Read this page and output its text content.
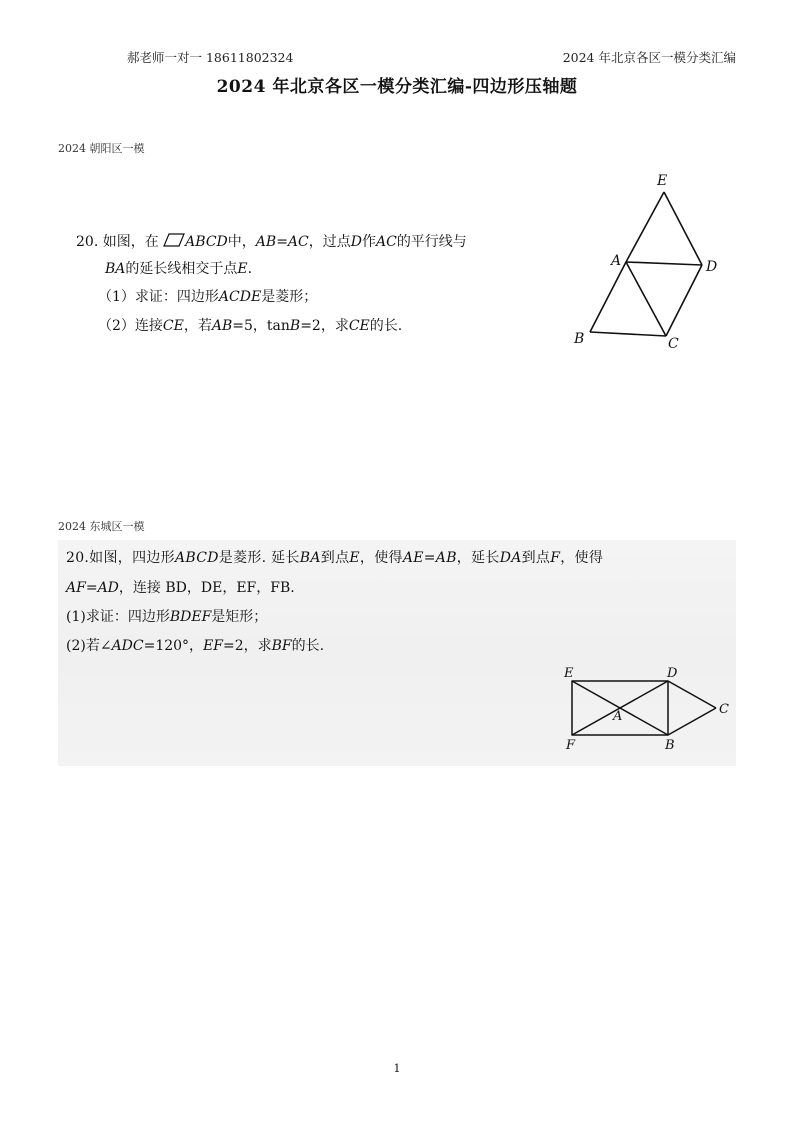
郝老师一对一 18611802324	2024 年北京各区一模分类汇编
2024 年北京各区一模分类汇编-四边形压轴题
2024 朝阳区一模
20. 如图，在 ABCD中，AB=AC，过点D作AC的平行线与
BA的延长线相交于点E.
（1）求证：四边形ACDE是菱形；
（2）连接CE，若AB=5，tanB=2，求CE的长.
E
A	D
B	C
2024 东城区一模
20.如图，四边形ABCD是菱形. 延长BA到点E，使得AE=AB，延长DA到点F，使得
AF=AD，连接 BD，DE，EF，FB.
(1)求证：四边形BDEF是矩形；
(2)若∠ADC=120°，EF=2，求BF的长.
E	D
C
A
F	B
1
